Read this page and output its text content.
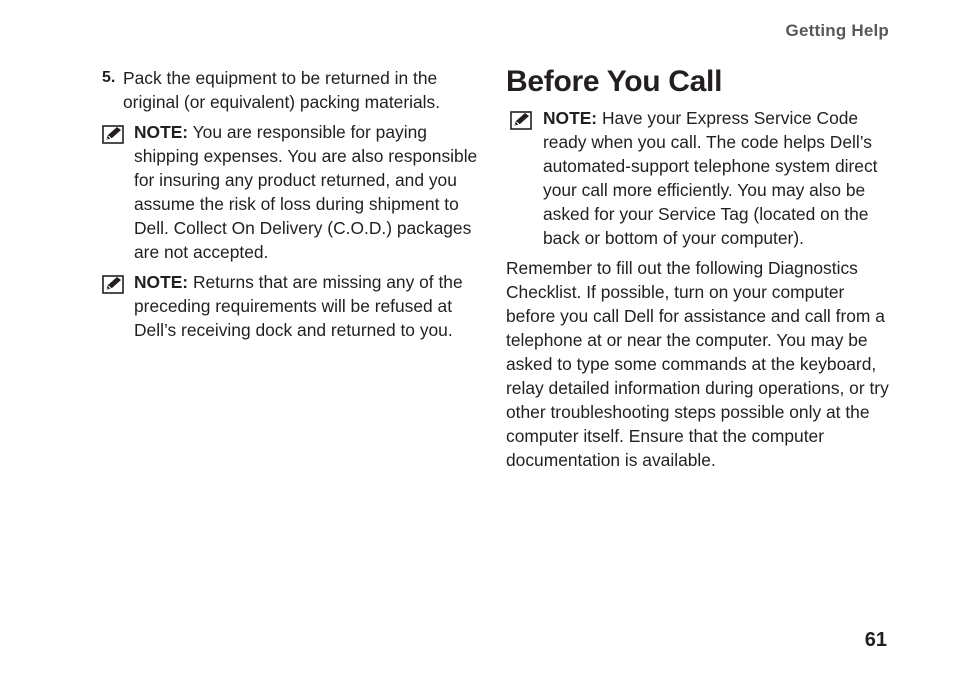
Getting Help
5. Pack the equipment to be returned in the original (or equivalent) packing materials.
NOTE: You are responsible for paying shipping expenses. You are also responsible for insuring any product returned, and you assume the risk of loss during shipment to Dell. Collect On Delivery (C.O.D.) packages are not accepted.
NOTE: Returns that are missing any of the preceding requirements will be refused at Dell’s receiving dock and returned to you.
Before You Call
NOTE: Have your Express Service Code ready when you call. The code helps Dell’s automated-support telephone system direct your call more efficiently. You may also be asked for your Service Tag (located on the back or bottom of your computer).
Remember to fill out the following Diagnostics Checklist. If possible, turn on your computer before you call Dell for assistance and call from a telephone at or near the computer. You may be asked to type some commands at the keyboard, relay detailed information during operations, or try other troubleshooting steps possible only at the computer itself. Ensure that the computer documentation is available.
61
